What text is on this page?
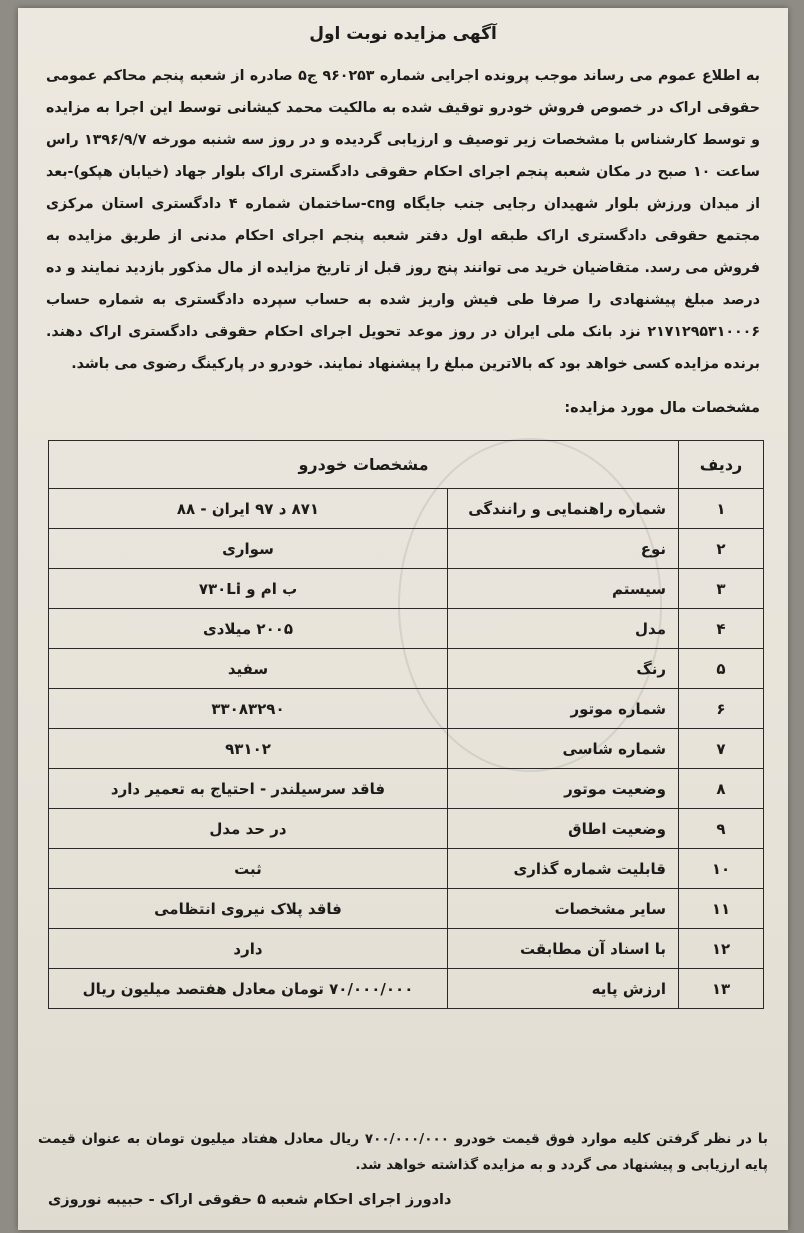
آگهی مزایده نوبت اول
به اطلاع عموم می رساند موجب پرونده اجرایی شماره ۹۶۰۲۵۳ ج۵ صادره از شعبه پنجم محاکم عمومی حقوقی اراک در خصوص فروش خودرو توقیف شده به مالکیت محمد کیشانی توسط این اجرا به مزایده و توسط کارشناس با مشخصات زیر توصیف و ارزیابی گردیده و در روز سه شنبه مورخه ۱۳۹۶/۹/۷ راس ساعت ۱۰ صبح در مکان شعبه پنجم اجرای احکام حقوقی دادگستری اراک بلوار جهاد (خیابان هپکو)-بعد از میدان ورزش بلوار شهیدان رجایی جنب جایگاه cng-ساختمان شماره ۴ دادگستری استان مرکزی مجتمع حقوقی دادگستری اراک طبقه اول دفتر شعبه پنجم اجرای احکام مدنی از طریق مزایده به فروش می رسد. متقاضیان خرید می توانند پنج روز قبل از تاریخ مزایده از مال مذکور بازدید نمایند و ده درصد مبلغ پیشنهادی را صرفا طی فیش واریز شده به حساب سپرده دادگستری به شماره حساب ۲۱۷۱۲۹۵۳۱۰۰۰۶ نزد بانک ملی ایران در روز موعد تحویل اجرای احکام حقوقی دادگستری اراک دهند. برنده مزایده کسی خواهد بود که بالاترین مبلغ را پیشنهاد نمایند. خودرو در پارکینگ رضوی می باشد.
مشخصات مال مورد مزایده:
ردیف	مشخصات خودرو	
۱	شماره راهنمایی و رانندگی	۸۷۱ د ۹۷ ایران - ۸۸
۲	نوع	سواری
۳	سیستم	ب ام و ۷۳۰Li
۴	مدل	۲۰۰۵ میلادی
۵	رنگ	سفید
۶	شماره موتور	۳۳۰۸۳۲۹۰
۷	شماره شاسی	۹۳۱۰۲
۸	وضعیت موتور	فاقد سرسیلندر - احتیاج به تعمیر دارد
۹	وضعیت اطاق	در حد مدل
۱۰	قابلیت شماره گذاری	ثبت
۱۱	سایر مشخصات	فاقد پلاک نیروی انتظامی
۱۲	با اسناد آن مطابقت	دارد
۱۳	ارزش پایه	۷۰/۰۰۰/۰۰۰ تومان معادل هفتصد میلیون ریال
با در نظر گرفتن کلیه موارد فوق قیمت خودرو ۷۰۰/۰۰۰/۰۰۰ ریال معادل هفتاد میلیون تومان به عنوان قیمت پایه ارزیابی و پیشنهاد می گردد و به مزایده گذاشته خواهد شد.
دادورز اجرای احکام شعبه ۵ حقوقی اراک - حبیبه نوروزی
